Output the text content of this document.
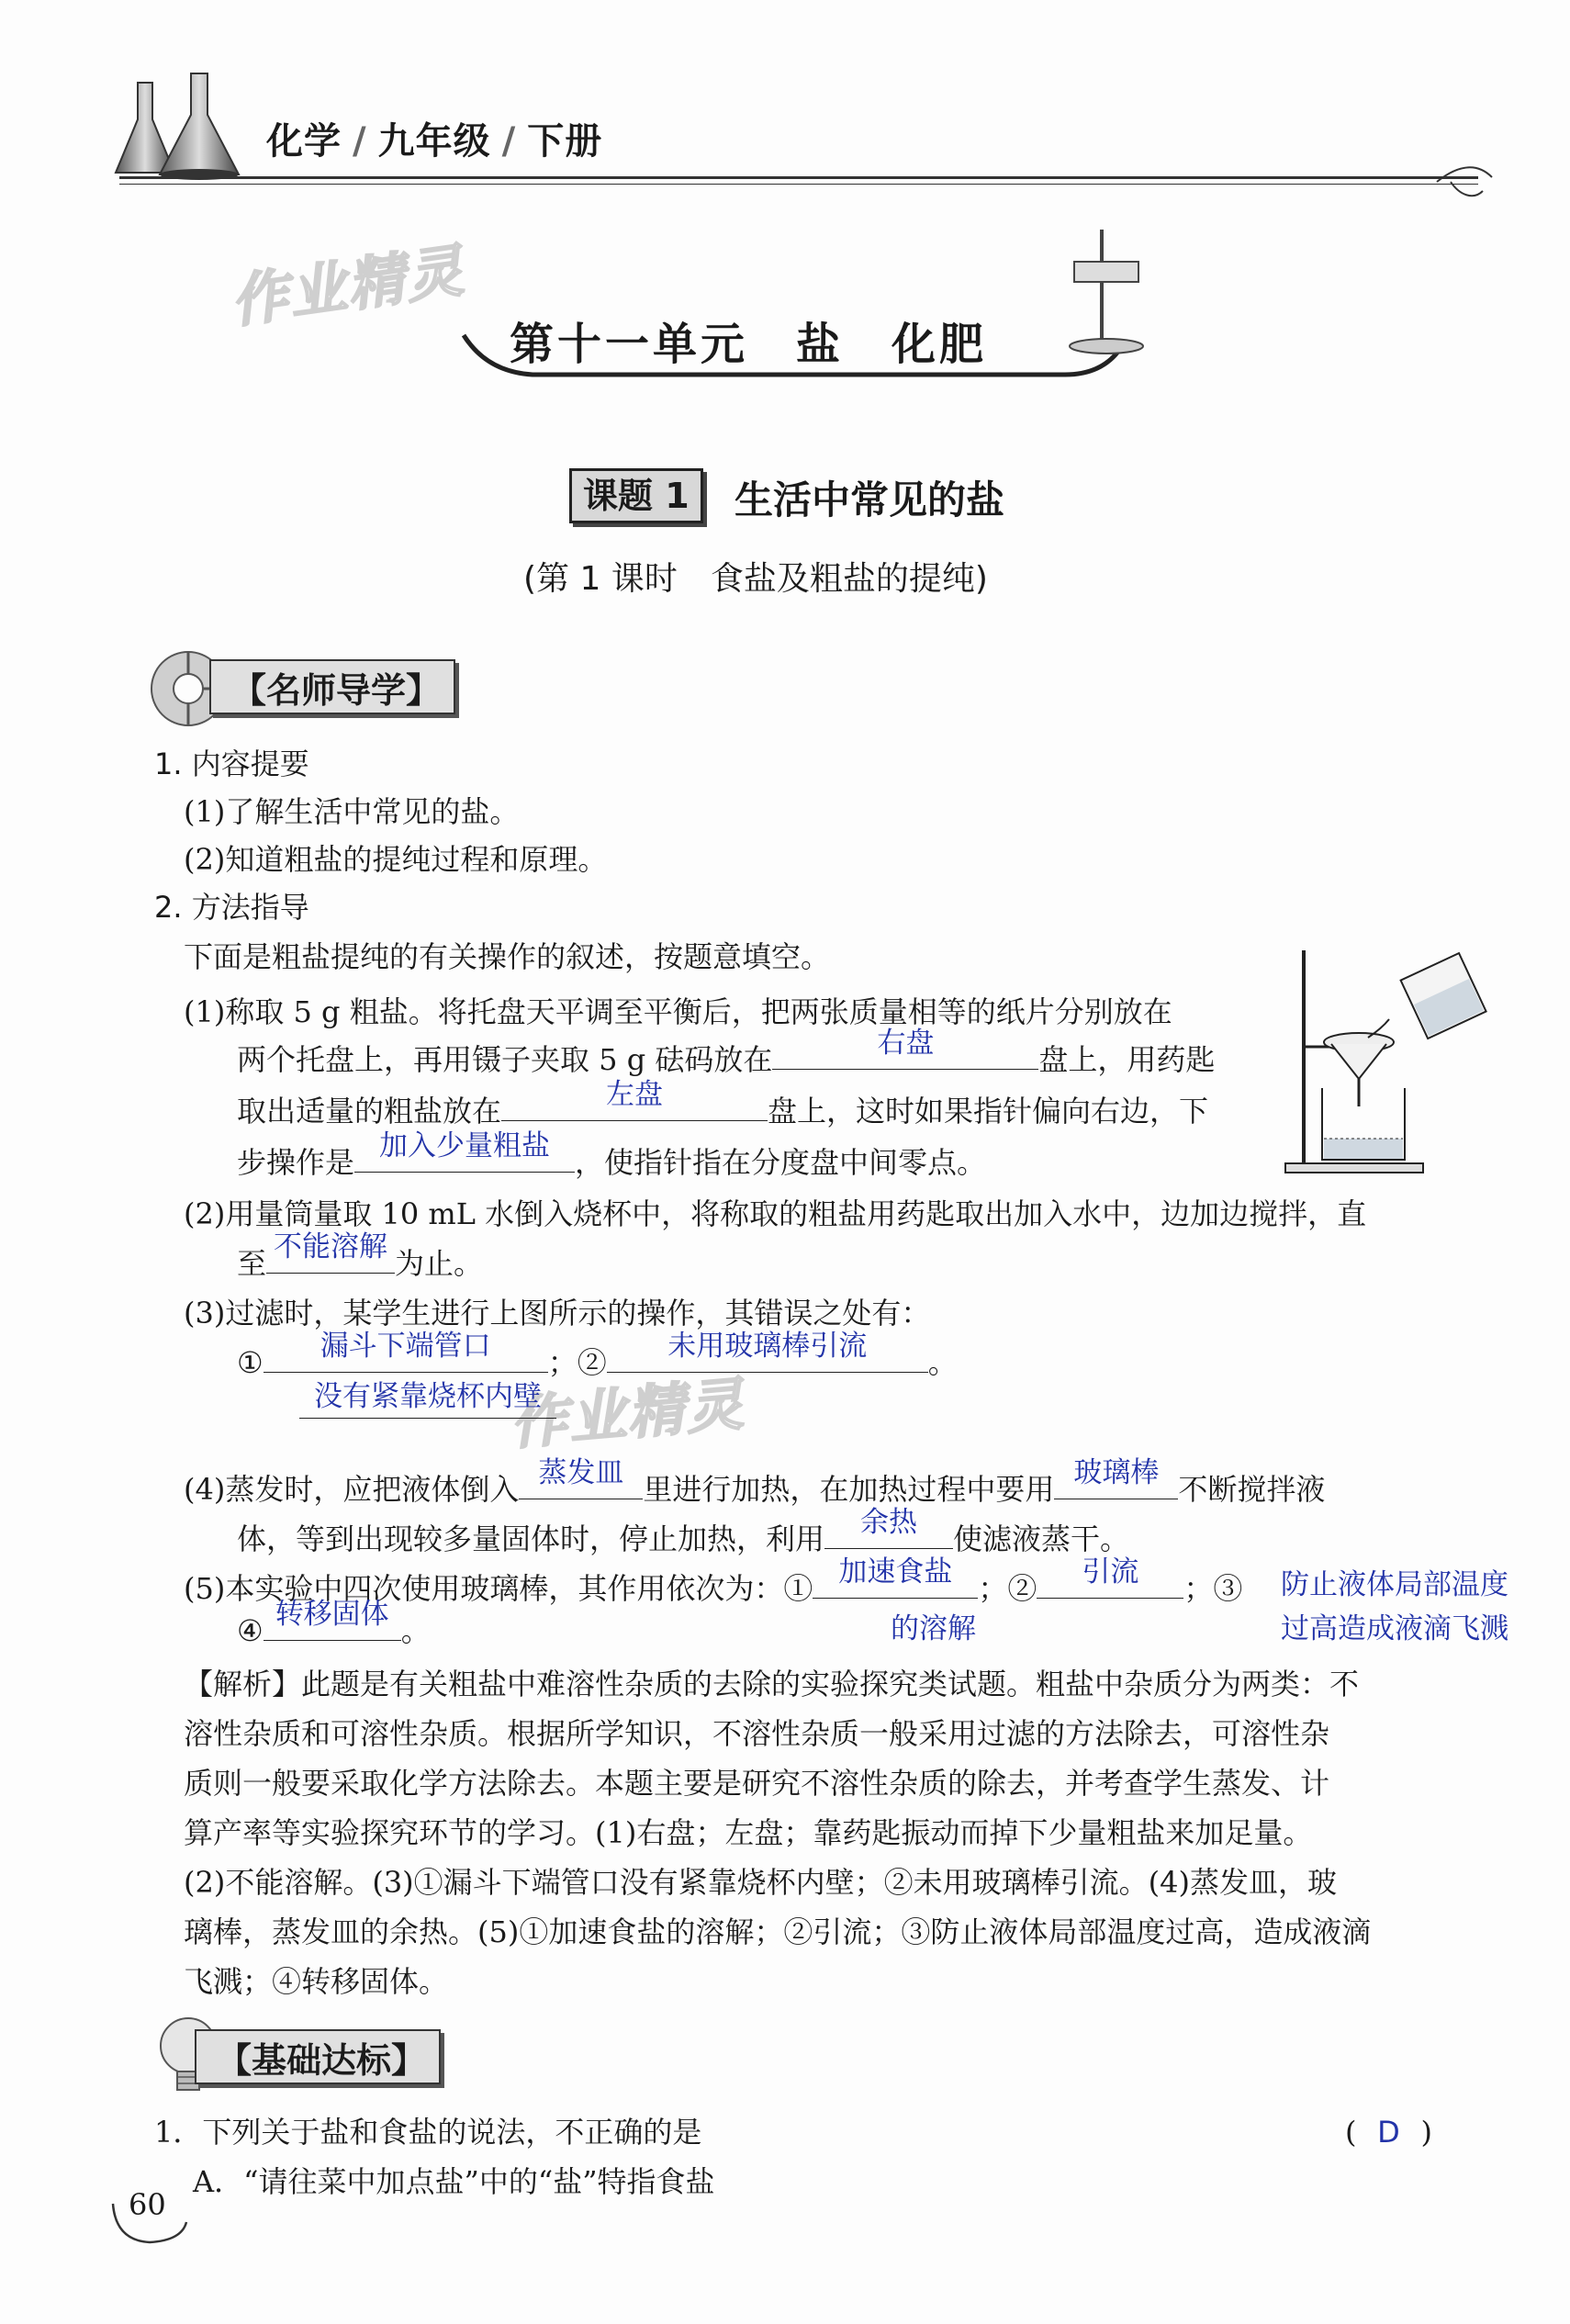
化学 / 九年级 / 下册
作业精灵
作业精灵
第十一单元　盐　化肥
课题 1	生活中常见的盐
(第 1 课时　食盐及粗盐的提纯)
【名师导学】
1. 内容提要
(1)了解生活中常见的盐。
(2)知道粗盐的提纯过程和原理。
2. 方法指导
下面是粗盐提纯的有关操作的叙述，按题意填空。
(1)称取 5 g 粗盐。将托盘天平调至平衡后，把两张质量相等的纸片分别放在
两个托盘上，再用镊子夹取 5 g 砝码放在	右盘	盘上，用药匙
取出适量的粗盐放在	左盘	盘上，这时如果指针偏向右边，下
步操作是 加入少量粗盐 ，使指针指在分度盘中间零点。
(2)用量筒量取 10 mL 水倒入烧杯中，将称取的粗盐用药匙取出加入水中，边加边搅拌，直
至 不能溶解 为止。
(3)过滤时，某学生进行上图所示的操作，其错误之处有：
①	漏斗下端管口	；②	未用玻璃棒引流	。
没有紧靠烧杯内壁
(4)蒸发时，应把液体倒入 蒸发皿 里进行加热，在加热过程中要用 玻璃棒 不断搅拌液
体，等到出现较多量固体时，停止加热，利用	余热	使滤液蒸干。
(5)本实验中四次使用玻璃棒，其作用依次为：① 加速食盐 ；②	引流	；③ 防止液体局部温度
的溶解	过高造成液滴飞溅
④ 转移固体 。
【解析】此题是有关粗盐中难溶性杂质的去除的实验探究类试题。粗盐中杂质分为两类：不
溶性杂质和可溶性杂质。根据所学知识，不溶性杂质一般采用过滤的方法除去，可溶性杂
质则一般要采取化学方法除去。本题主要是研究不溶性杂质的除去，并考查学生蒸发、计
算产率等实验探究环节的学习。(1)右盘；左盘；靠药匙振动而掉下少量粗盐来加足量。
(2)不能溶解。(3)①漏斗下端管口没有紧靠烧杯内壁；②未用玻璃棒引流。(4)蒸发皿，玻
璃棒，蒸发皿的余热。(5)①加速食盐的溶解；②引流；③防止液体局部温度过高，造成液滴
飞溅；④转移固体。
【基础达标】
1．下列关于盐和食盐的说法，不正确的是	( D )
A．“请往菜中加点盐”中的“盐”特指食盐
60
